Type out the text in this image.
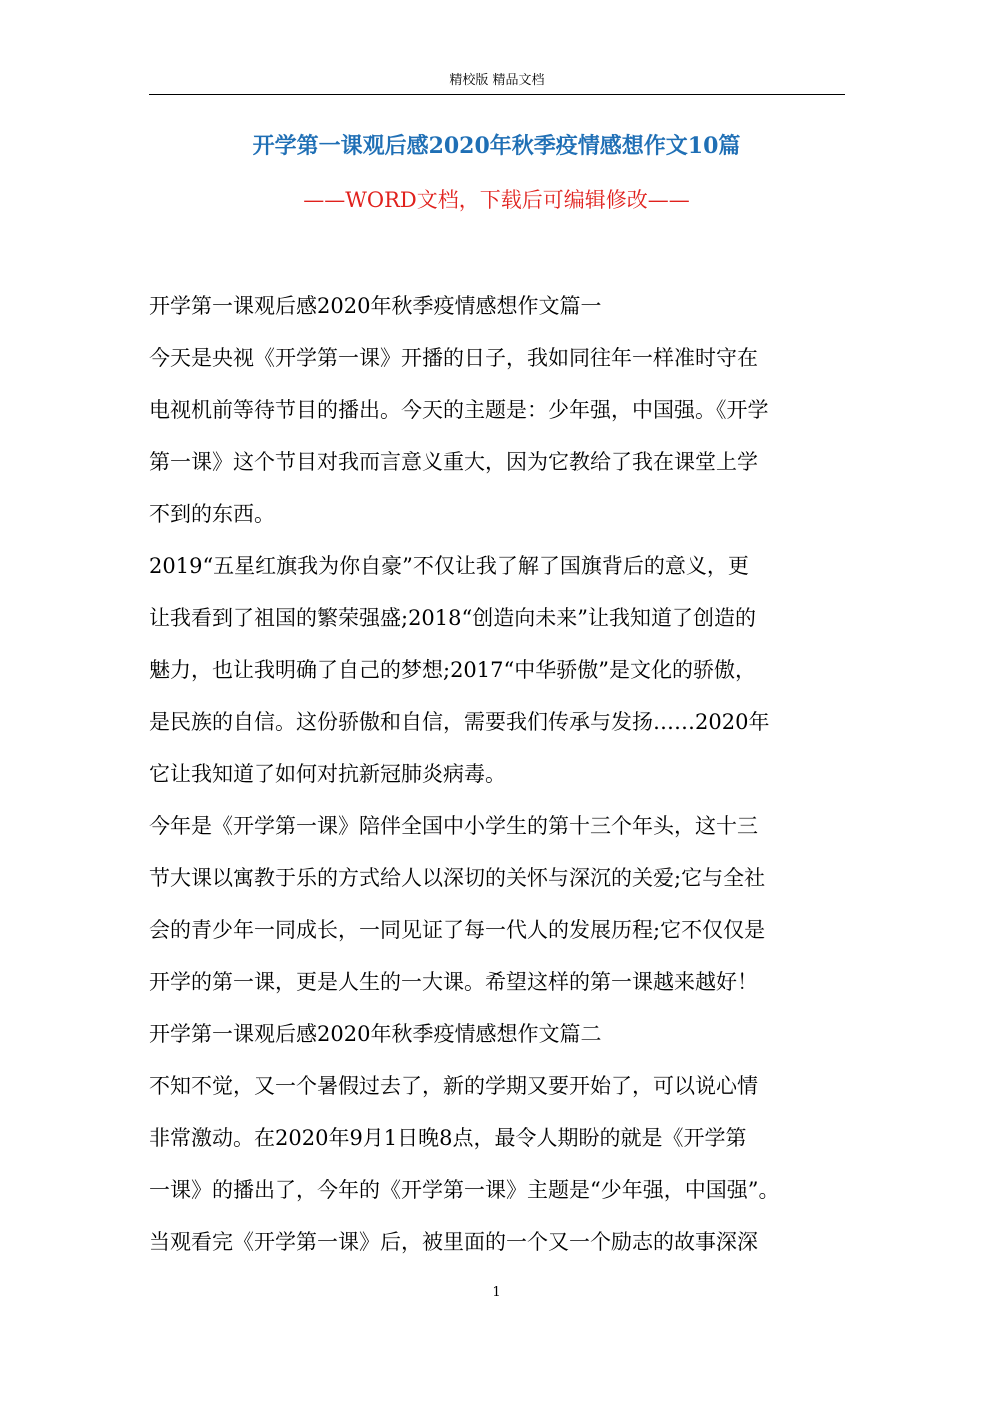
精校版 精品文档
开学第一课观后感2020年秋季疫情感想作文10篇
——WORD文档，下载后可编辑修改——
开学第一课观后感2020年秋季疫情感想作文篇一
今天是央视《开学第一课》开播的日子，我如同往年一样准时守在
电视机前等待节目的播出。今天的主题是：少年强，中国强。《开学
第一课》这个节目对我而言意义重大，因为它教给了我在课堂上学
不到的东西。
2019“五星红旗我为你自豪”不仅让我了解了国旗背后的意义，更
让我看到了祖国的繁荣强盛;2018“创造向未来”让我知道了创造的
魅力，也让我明确了自己的梦想;2017“中华骄傲”是文化的骄傲，
是民族的自信。这份骄傲和自信，需要我们传承与发扬……2020年
它让我知道了如何对抗新冠肺炎病毒。
今年是《开学第一课》陪伴全国中小学生的第十三个年头，这十三
节大课以寓教于乐的方式给人以深切的关怀与深沉的关爱;它与全社
会的青少年一同成长，一同见证了每一代人的发展历程;它不仅仅是
开学的第一课，更是人生的一大课。希望这样的第一课越来越好！
开学第一课观后感2020年秋季疫情感想作文篇二
不知不觉，又一个暑假过去了，新的学期又要开始了，可以说心情
非常激动。在2020年9月1日晚8点，最令人期盼的就是《开学第
一课》的播出了，今年的《开学第一课》主题是“少年强，中国强”。
当观看完《开学第一课》后，被里面的一个又一个励志的故事深深
1
